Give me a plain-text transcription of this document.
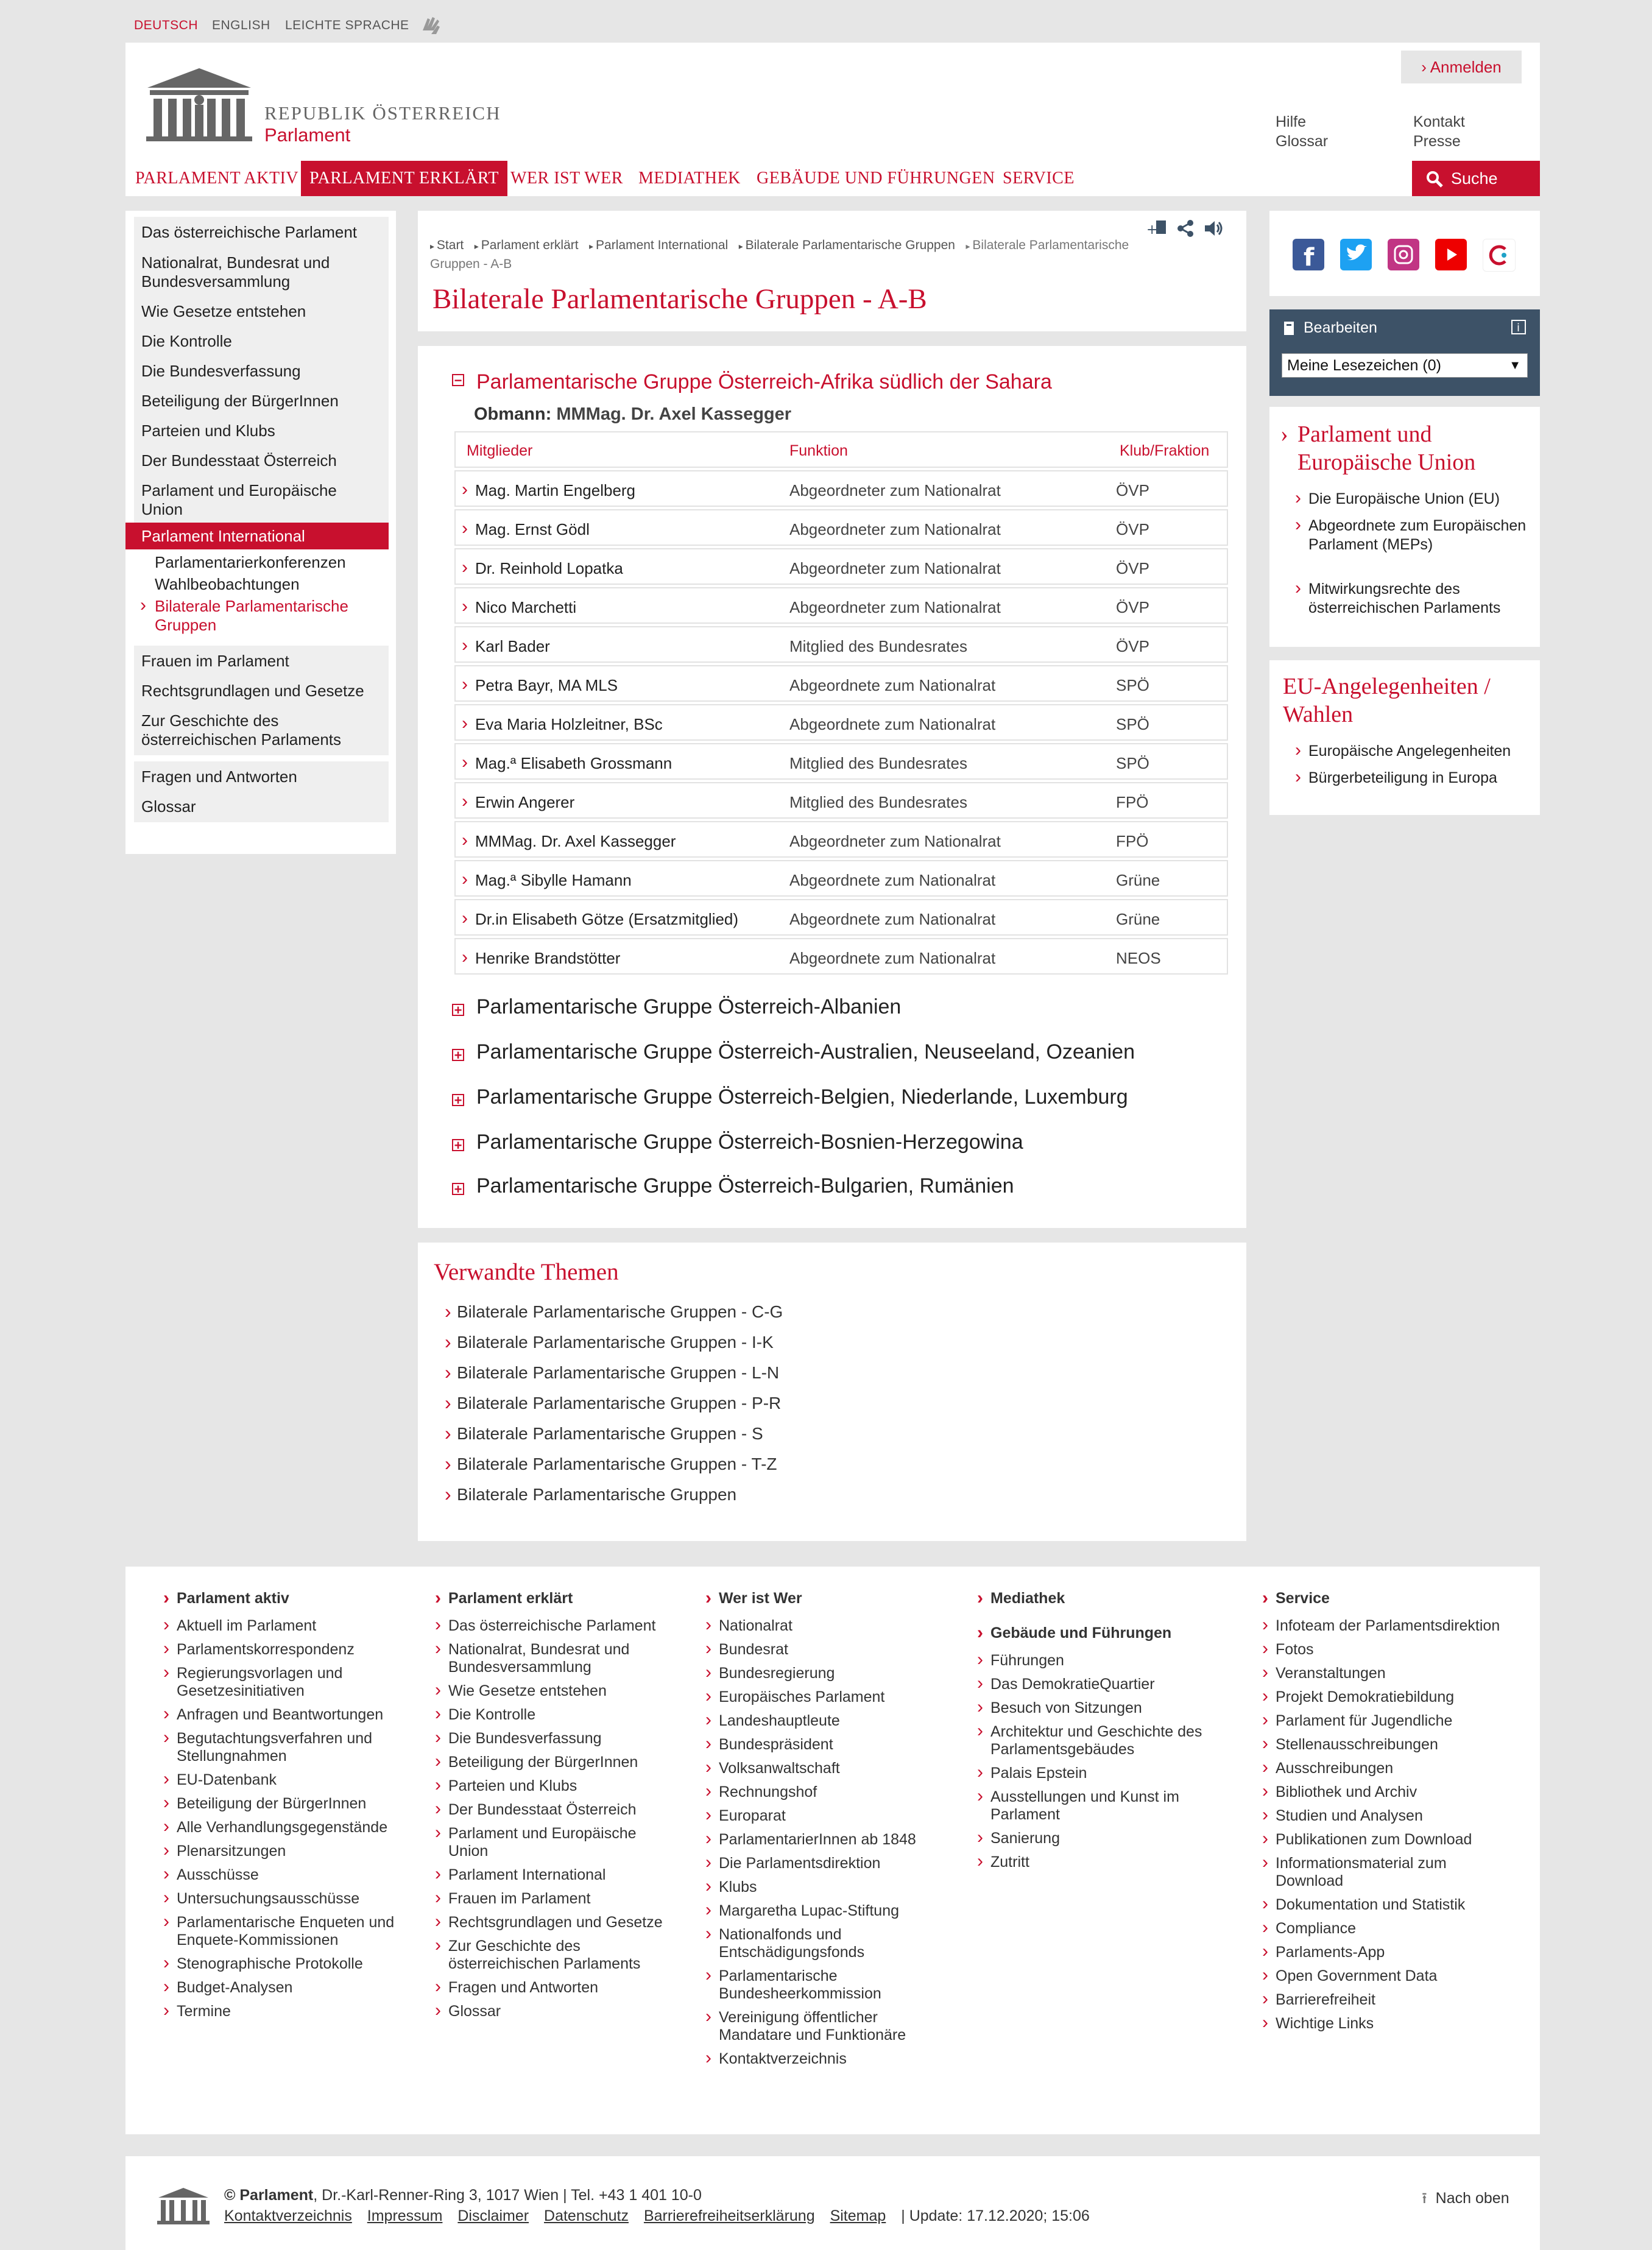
DEUTSCH ENGLISH LEICHTE SPRACHE
REPUBLIK ÖSTERREICH
Parlament
› Anmelden
Hilfe
Glossar
Kontakt
Presse
PARLAMENT AKTIV PARLAMENT ERKLÄRT WER IST WER MEDIATHEK GEBÄUDE UND FÜHRUNGEN SERVICE	Suche
Das österreichische Parlament
Nationalrat, Bundesrat und Bundesversammlung
Wie Gesetze entstehen
Die Kontrolle
Die Bundesverfassung
Beteiligung der BürgerInnen
Parteien und Klubs
Der Bundesstaat Österreich
Parlament und Europäische Union
Parlament International
Parlamentarierkonferenzen
Wahlbeobachtungen
› Bilaterale Parlamentarische Gruppen
Frauen im Parlament
Rechtsgrundlagen und Gesetze
Zur Geschichte des österreichischen Parlaments
Fragen und Antworten
Glossar
+
▸ Start ▸ Parlament erklärt ▸ Parlament International ▸ Bilaterale Parlamentarische Gruppen ▸ Bilaterale Parlamentarische Gruppen - A-B
Bilaterale Parlamentarische Gruppen - A-B
− Parlamentarische Gruppe Österreich-Afrika südlich der Sahara
Obmann: MMMag. Dr. Axel Kassegger
Mitglieder	Funktion	Klub/Fraktion
› Mag. Martin Engelberg	Abgeordneter zum Nationalrat	ÖVP
› Mag. Ernst Gödl	Abgeordneter zum Nationalrat	ÖVP
› Dr. Reinhold Lopatka	Abgeordneter zum Nationalrat	ÖVP
› Nico Marchetti	Abgeordneter zum Nationalrat	ÖVP
› Karl Bader	Mitglied des Bundesrates	ÖVP
› Petra Bayr, MA MLS	Abgeordnete zum Nationalrat	SPÖ
› Eva Maria Holzleitner, BSc	Abgeordnete zum Nationalrat	SPÖ
› Mag.ª Elisabeth Grossmann	Mitglied des Bundesrates	SPÖ
› Erwin Angerer	Mitglied des Bundesrates	FPÖ
› MMMag. Dr. Axel Kassegger	Abgeordneter zum Nationalrat	FPÖ
› Mag.ª Sibylle Hamann	Abgeordnete zum Nationalrat	Grüne
› Dr.in Elisabeth Götze (Ersatzmitglied)	Abgeordnete zum Nationalrat	Grüne
› Henrike Brandstötter	Abgeordnete zum Nationalrat	NEOS
+ Parlamentarische Gruppe Österreich-Albanien
+ Parlamentarische Gruppe Österreich-Australien, Neuseeland, Ozeanien
+ Parlamentarische Gruppe Österreich-Belgien, Niederlande, Luxemburg
+ Parlamentarische Gruppe Österreich-Bosnien-Herzegowina
+ Parlamentarische Gruppe Österreich-Bulgarien, Rumänien
Verwandte Themen
› Bilaterale Parlamentarische Gruppen - C-G
› Bilaterale Parlamentarische Gruppen - I-K
› Bilaterale Parlamentarische Gruppen - L-N
› Bilaterale Parlamentarische Gruppen - P-R
› Bilaterale Parlamentarische Gruppen - S
› Bilaterale Parlamentarische Gruppen - T-Z
› Bilaterale Parlamentarische Gruppen
f
Bearbeiten	i
Meine Lesezeichen (0)	▼
› Parlament und Europäische Union
› Die Europäische Union (EU)
› Abgeordnete zum Europäischen Parlament (MEPs)
› Mitwirkungsrechte des österreichischen Parlaments
EU-Angelegenheiten / Wahlen
› Europäische Angelegenheiten
› Bürgerbeteiligung in Europa
› Parlament aktiv
› Aktuell im Parlament
› Parlamentskorrespondenz
› Regierungsvorlagen und Gesetzesinitiativen
› Anfragen und Beantwortungen
› Begutachtungsverfahren und Stellungnahmen
› EU-Datenbank
› Beteiligung der BürgerInnen
› Alle Verhandlungsgegenstände
› Plenarsitzungen
› Ausschüsse
› Untersuchungsausschüsse
› Parlamentarische Enqueten und Enquete-Kommissionen
› Stenographische Protokolle
› Budget-Analysen
› Termine
› Parlament erklärt
› Das österreichische Parlament
› Nationalrat, Bundesrat und Bundesversammlung
› Wie Gesetze entstehen
› Die Kontrolle
› Die Bundesverfassung
› Beteiligung der BürgerInnen
› Parteien und Klubs
› Der Bundesstaat Österreich
› Parlament und Europäische Union
› Parlament International
› Frauen im Parlament
› Rechtsgrundlagen und Gesetze
› Zur Geschichte des österreichischen Parlaments
› Fragen und Antworten
› Glossar
› Wer ist Wer
› Nationalrat
› Bundesrat
› Bundesregierung
› Europäisches Parlament
› Landeshauptleute
› Bundespräsident
› Volksanwaltschaft
› Rechnungshof
› Europarat
› ParlamentarierInnen ab 1848
› Die Parlamentsdirektion
› Klubs
› Margaretha Lupac-Stiftung
› Nationalfonds und Entschädigungsfonds
› Parlamentarische Bundesheerkommission
› Vereinigung öffentlicher Mandatare und Funktionäre
› Kontaktverzeichnis
› Mediathek
› Gebäude und Führungen
› Führungen
› Das DemokratieQuartier
› Besuch von Sitzungen
› Architektur und Geschichte des Parlamentsgebäudes
› Palais Epstein
› Ausstellungen und Kunst im Parlament
› Sanierung
› Zutritt
› Service
› Infoteam der Parlamentsdirektion
› Fotos
› Veranstaltungen
› Projekt Demokratiebildung
› Parlament für Jugendliche
› Stellenausschreibungen
› Ausschreibungen
› Bibliothek und Archiv
› Studien und Analysen
› Publikationen zum Download
› Informationsmaterial zum Download
› Dokumentation und Statistik
› Compliance
› Parlaments-App
› Open Government Data
› Barrierefreiheit
› Wichtige Links
© Parlament, Dr.-Karl-Renner-Ring 3, 1017 Wien | Tel. +43 1 401 10-0
Kontaktverzeichnis Impressum Disclaimer Datenschutz Barrierefreiheitserklärung Sitemap | Update: 17.12.2020; 15:06
⭱ Nach oben
